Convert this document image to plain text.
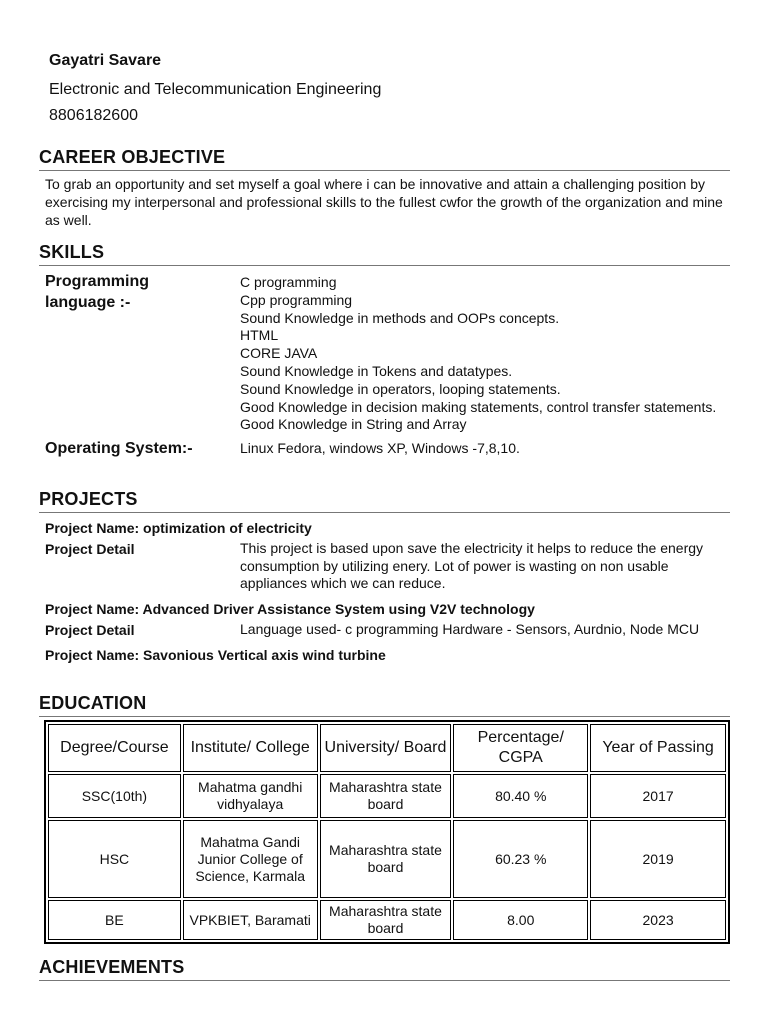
Gayatri Savare
Electronic and Telecommunication Engineering
8806182600
CAREER OBJECTIVE
To grab an opportunity and set myself a goal where i can be innovative and attain a challenging position by exercising my interpersonal and professional skills to the fullest cwfor the growth of the organization and mine as well.
SKILLS
Programming language :-
C programming
Cpp programming
Sound Knowledge in methods and OOPs concepts.
HTML
CORE JAVA
Sound Knowledge in Tokens and datatypes.
Sound Knowledge in operators, looping statements.
Good Knowledge in decision making statements, control transfer statements.
Good Knowledge in String and Array
Operating System:-	Linux Fedora, windows XP, Windows -7,8,10.
PROJECTS
Project Name: optimization of electricity
Project Detail	This project is based upon save the electricity it helps to reduce the energy consumption by utilizing enery. Lot of power is wasting on non usable appliances which we can reduce.
Project Name: Advanced Driver Assistance System using V2V technology
Project Detail	Language used- c programming Hardware - Sensors, Aurdnio, Node MCU
Project Name: Savonious Vertical axis wind turbine
EDUCATION
Degree/Course	Institute/ College	University/ Board	Percentage/ CGPA	Year of Passing
SSC(10th)	Mahatma gandhi vidhyalaya	Maharashtra state board	80.40 %	2017
HSC	Mahatma Gandi Junior College of Science, Karmala	Maharashtra state board	60.23 %	2019
BE	VPKBIET, Baramati	Maharashtra state board	8.00	2023
ACHIEVEMENTS
